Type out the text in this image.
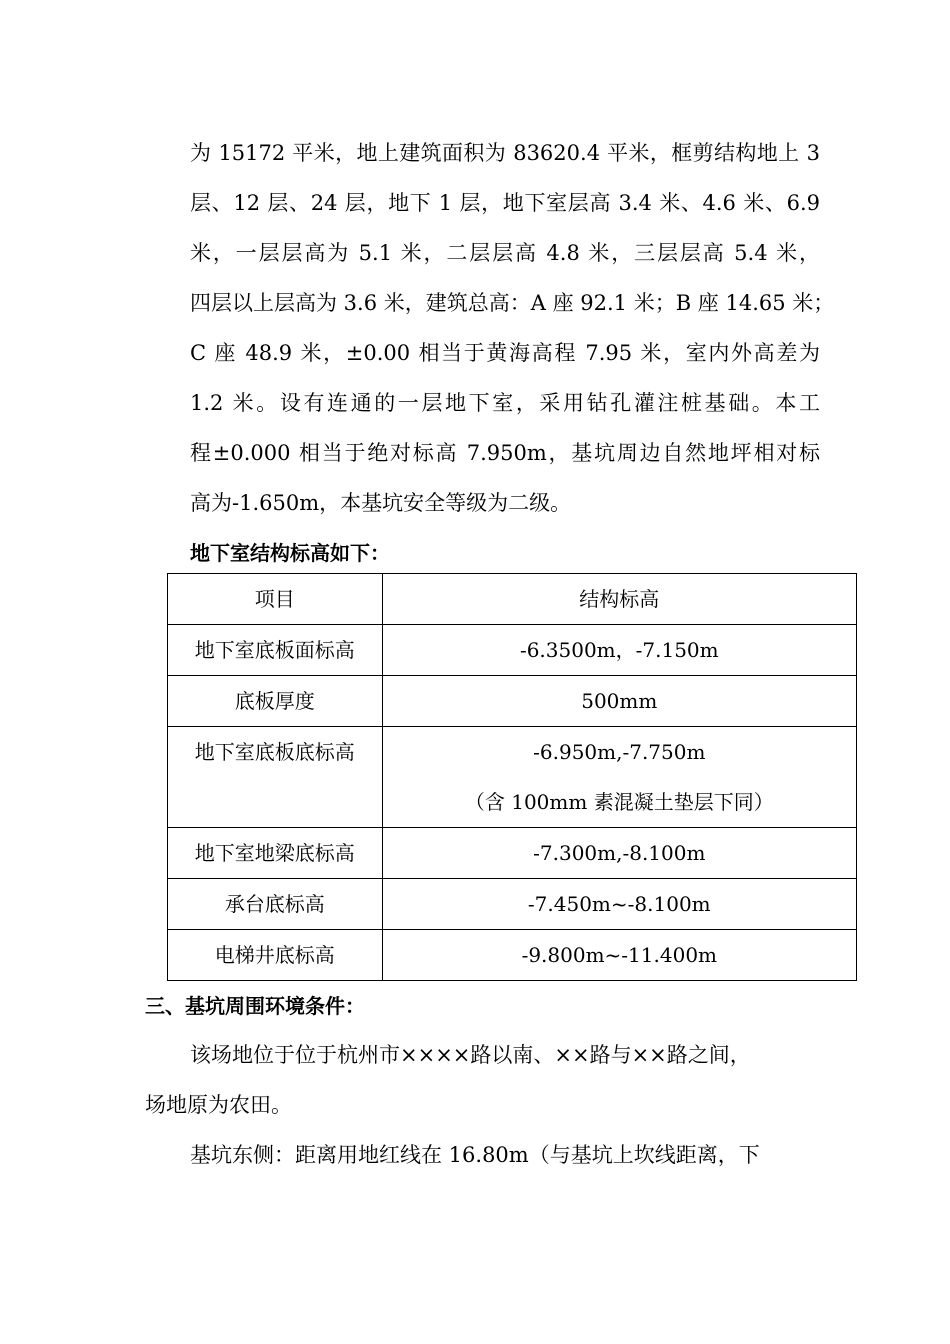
为 15172 平米，地上建筑面积为 83620.4 平米，框剪结构地上 3
层、12 层、24 层，地下 1 层，地下室层高 3.4 米、4.6 米、6.9
米，一层层高为 5.1 米，二层层高 4.8 米，三层层高 5.4 米，
四层以上层高为 3.6 米，建筑总高：A 座 92.1 米；B 座 14.65 米；
C 座 48.9 米，±0.00 相当于黄海高程 7.95 米，室内外高差为
1.2 米。设有连通的一层地下室，采用钻孔灌注桩基础。本工
程±0.000 相当于绝对标高 7.950m，基坑周边自然地坪相对标
高为-1.650m，本基坑安全等级为二级。

地下室结构标高如下：

项目	结构标高
地下室底板面标高	-6.3500m，-7.150m
底板厚度	500mm
地下室底板底标高	-6.950m,-7.750m
（含 100mm 素混凝土垫层下同）

地下室地梁底标高	-7.300m,-8.100m
承台底标高	-7.450m~-8.100m
电梯井底标高	-9.800m~-11.400m

三、基坑周围环境条件：

该场地位于位于杭州市××××路以南、××路与××路之间，

场地原为农田。

基坑东侧：距离用地红线在 16.80m（与基坑上坎线距离，下
